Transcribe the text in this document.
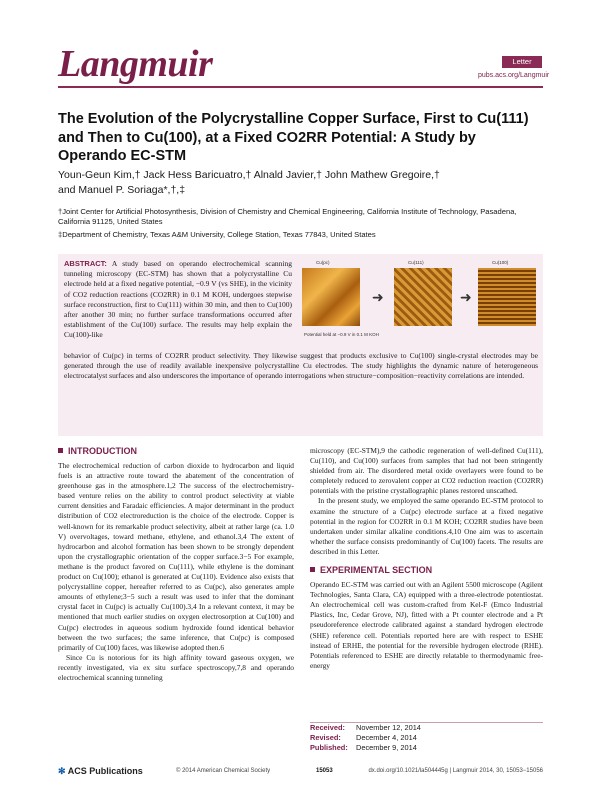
Langmuir	Letter
pubs.acs.org/Langmuir
The Evolution of the Polycrystalline Copper Surface, First to Cu(111) and Then to Cu(100), at a Fixed CO2RR Potential: A Study by Operando EC-STM
Youn-Geun Kim,† Jack Hess Baricuatro,† Alnald Javier,† John Mathew Gregoire,†
and Manuel P. Soriaga*,†,‡
†Joint Center for Artificial Photosynthesis, Division of Chemistry and Chemical Engineering, California Institute of Technology, Pasadena, California 91125, United States
‡Department of Chemistry, Texas A&M University, College Station, Texas 77843, United States
ABSTRACT: A study based on operando electrochemical scanning tunneling microscopy (EC-STM) has shown that a polycrystalline Cu electrode held at a fixed negative potential, −0.9 V (vs SHE), in the vicinity of CO2 reduction reactions (CO2RR) in 0.1 M KOH, undergoes stepwise surface reconstruction, first to Cu(111) within 30 min, and then to Cu(100) after another 30 min; no further surface transformations occurred after establishment of the Cu(100) surface. The results may help explain the Cu(100)-like
Cu(pc)	Cu(111)	Cu(100)
➜	➜
Potential held at −0.9 V in 0.1 M KOH
behavior of Cu(pc) in terms of CO2RR product selectivity. They likewise suggest that products exclusive to Cu(100) single-crystal electrodes may be generated through the use of readily available inexpensive polycrystalline Cu electrodes. The study highlights the dynamic nature of heterogeneous electrocatalyst surfaces and also underscores the importance of operando interrogations when structure−composition−reactivity correlations are intended.
INTRODUCTION

The electrochemical reduction of carbon dioxide to hydrocarbon and liquid fuels is an attractive route toward the abatement of the concentration of greenhouse gas in the atmosphere.1,2 The success of the electrochemistry-based venture relies on the ability to control product selectivity at viable current densities and Faradaic efficiencies. A major determinant in the product distribution of CO2 electroreduction is the choice of the electrode. Copper is well-known for its remarkable product selectivity, albeit at rather large (ca. 1.0 V) overvoltages, toward methane, ethylene, and ethanol.3,4 The extent of hydrocarbon and alcohol formation has been shown to be strongly dependent upon the crystallographic orientation of the copper surface.3−5 For example, methane is the product favored on Cu(111), while ethylene is the dominant product on Cu(100); ethanol is generated at Cu(110). Evidence also exists that polycrystalline copper, hereafter referred to as Cu(pc), also generates ample amounts of ethylene;3−5 such a result was used to infer that the dominant crystal facet in Cu(pc) is actually Cu(100).3,4 In a relevant context, it may be mentioned that much earlier studies on oxygen electrosorption at Cu(100) and Cu(pc) electrodes in aqueous sodium hydroxide found identical behavior between the two surfaces; the same inference, that Cu(pc) is composed primarily of Cu(100) faces, was likewise adopted then.6

Since Cu is notorious for its high affinity toward gaseous oxygen, we recently investigated, via ex situ surface spectroscopy,7,8 and operando electrochemical scanning tunneling

microscopy (EC-STM),9 the cathodic regeneration of well-defined Cu(111), Cu(110), and Cu(100) surfaces from samples that had not been stringently shielded from air. The disordered metal oxide overlayers were found to be completely reduced to zerovalent copper at CO2 reduction reaction (CO2RR) potentials with the pristine crystallographic planes restored unscathed.

In the present study, we employed the same operando EC-STM protocol to examine the structure of a Cu(pc) electrode surface at a fixed negative potential in the region for CO2RR in 0.1 M KOH; CO2RR studies have been undertaken under similar alkaline conditions.4,10 One aim was to ascertain whether the surface consists predominantly of Cu(100) facets. The results are described in this Letter.

EXPERIMENTAL SECTION

Operando EC-STM was carried out with an Agilent 5500 microscope (Agilent Technologies, Santa Clara, CA) equipped with a three-electrode potentiostat. An electrochemical cell was custom-crafted from Kel-F (Emco Industrial Plastics, Inc, Cedar Grove, NJ), fitted with a Pt counter electrode and a Pt pseudoreference electrode calibrated against a standard hydrogen electrode (SHE) reference cell. Potentials reported here are with respect to ESHE instead of ERHE, the potential for the reversible hydrogen electrode (RHE). Potentials referenced to ESHE are directly relatable to thermodynamic free-energy

Received: November 12, 2014
Revised: December 4, 2014
Published: December 9, 2014
✻ ACS Publications	© 2014 American Chemical Society	15053	dx.doi.org/10.1021/la504445g | Langmuir 2014, 30, 15053−15056
